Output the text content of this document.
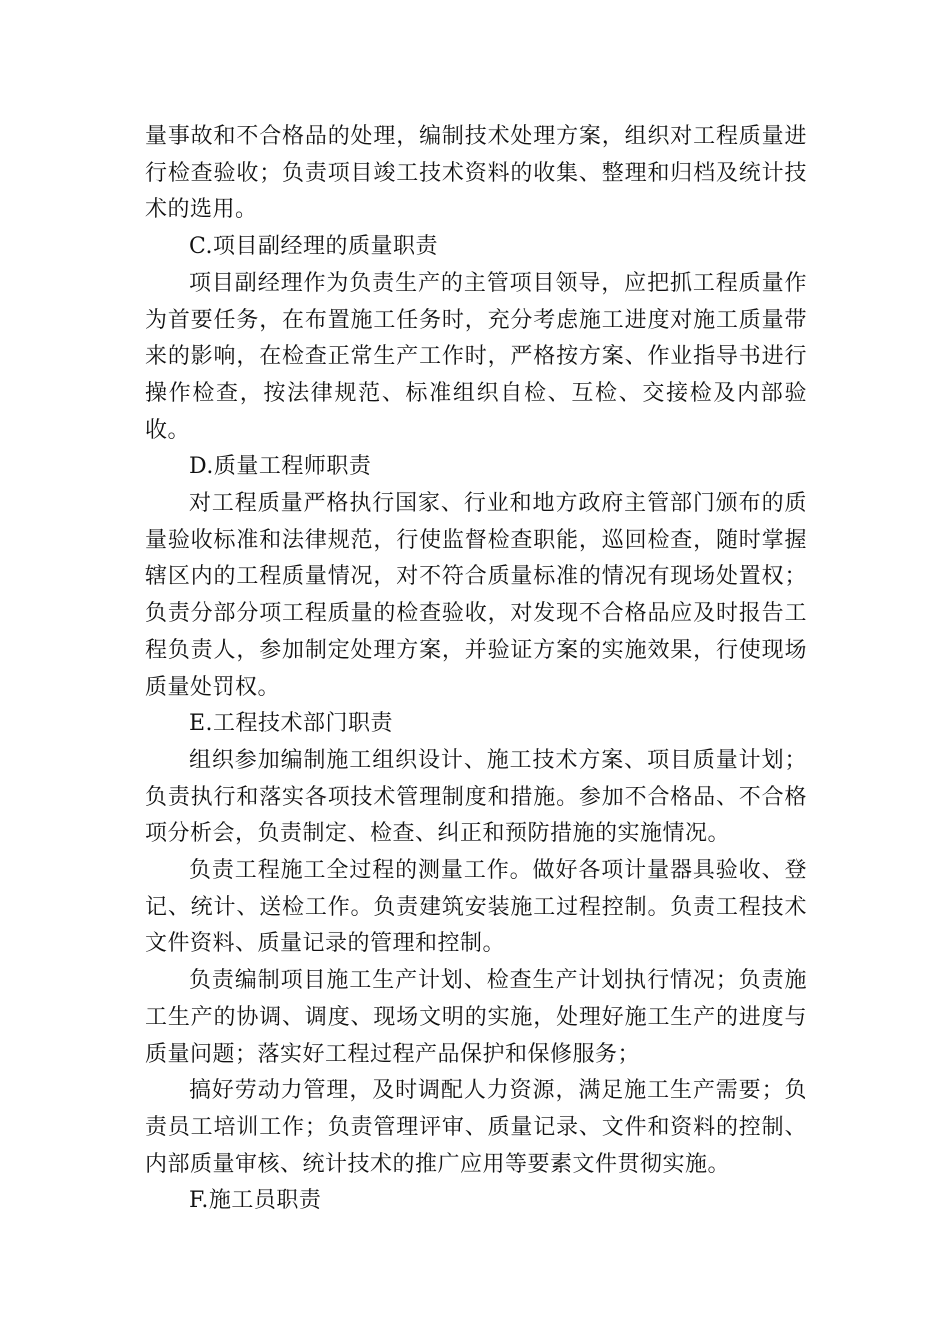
量事故和不合格品的处理，编制技术处理方案，组织对工程质量进行检查验收；负责项目竣工技术资料的收集、整理和归档及统计技术的选用。

C.项目副经理的质量职责

项目副经理作为负责生产的主管项目领导，应把抓工程质量作为首要任务，在布置施工任务时，充分考虑施工进度对施工质量带来的影响，在检查正常生产工作时，严格按方案、作业指导书进行操作检查，按法律规范、标准组织自检、互检、交接检及内部验收。

D.质量工程师职责

对工程质量严格执行国家、行业和地方政府主管部门颁布的质量验收标准和法律规范，行使监督检查职能，巡回检查，随时掌握辖区内的工程质量情况，对不符合质量标准的情况有现场处置权；负责分部分项工程质量的检查验收，对发现不合格品应及时报告工程负责人，参加制定处理方案，并验证方案的实施效果，行使现场质量处罚权。

E.工程技术部门职责

组织参加编制施工组织设计、施工技术方案、项目质量计划；负责执行和落实各项技术管理制度和措施。参加不合格品、不合格项分析会，负责制定、检查、纠正和预防措施的实施情况。

负责工程施工全过程的测量工作。做好各项计量器具验收、登记、统计、送检工作。负责建筑安装施工过程控制。负责工程技术文件资料、质量记录的管理和控制。

负责编制项目施工生产计划、检查生产计划执行情况；负责施工生产的协调、调度、现场文明的实施，处理好施工生产的进度与质量问题；落实好工程过程产品保护和保修服务；

搞好劳动力管理，及时调配人力资源，满足施工生产需要；负责员工培训工作；负责管理评审、质量记录、文件和资料的控制、内部质量审核、统计技术的推广应用等要素文件贯彻实施。

F.施工员职责
